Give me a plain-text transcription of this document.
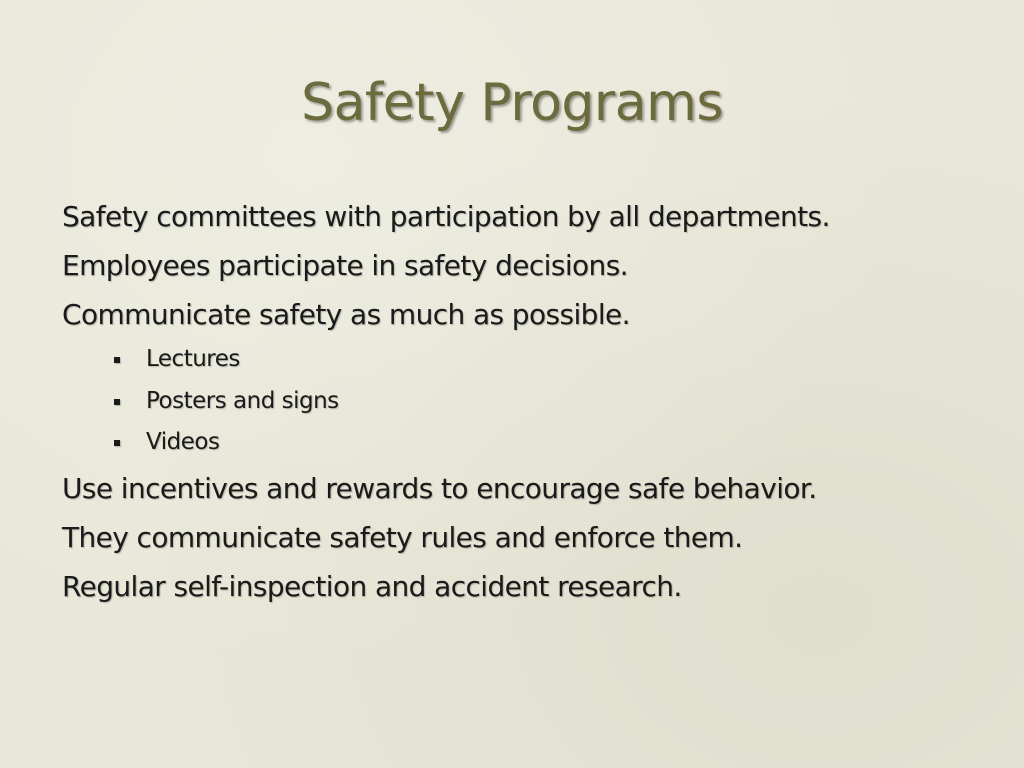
Safety Programs
Safety committees with participation by all departments.
Employees participate in safety decisions.
Communicate safety as much as possible.
Lectures
Posters and signs
Videos
Use incentives and rewards to encourage safe behavior.
They communicate safety rules and enforce them.
Regular self-inspection and accident research.
